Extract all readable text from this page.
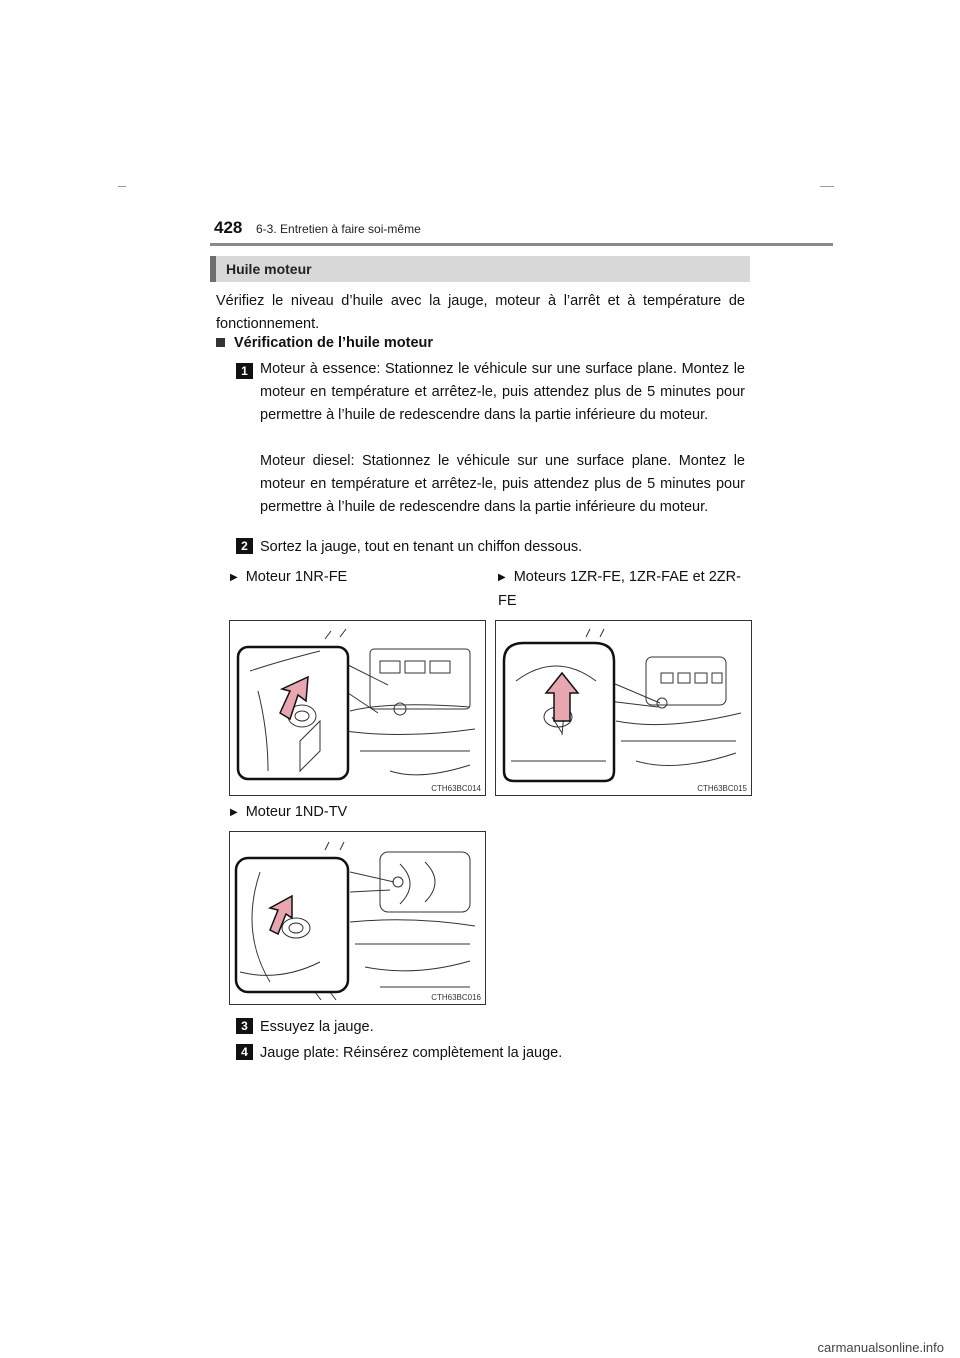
428 6-3. Entretien à faire soi-même
Huile moteur
Vérifiez le niveau d’huile avec la jauge, moteur à l’arrêt et à température de fonctionnement.
Vérification de l’huile moteur
1 Moteur à essence: Stationnez le véhicule sur une surface plane. Montez le moteur en température et arrêtez-le, puis attendez plus de 5 minutes pour permettre à l’huile de redescendre dans la partie inférieure du moteur.
Moteur diesel: Stationnez le véhicule sur une surface plane. Montez le moteur en température et arrêtez-le, puis attendez plus de 5 minutes pour permettre à l’huile de redescendre dans la partie inférieure du moteur.
2 Sortez la jauge, tout en tenant un chiffon dessous.
▶ Moteur 1NR-FE	▶ Moteurs 1ZR-FE, 1ZR-FAE et 2ZR-FE
CTH63BC014	CTH63BC015
▶ Moteur 1ND-TV
CTH63BC016
3 Essuyez la jauge.
4 Jauge plate: Réinsérez complètement la jauge.
carmanualsonline.info
